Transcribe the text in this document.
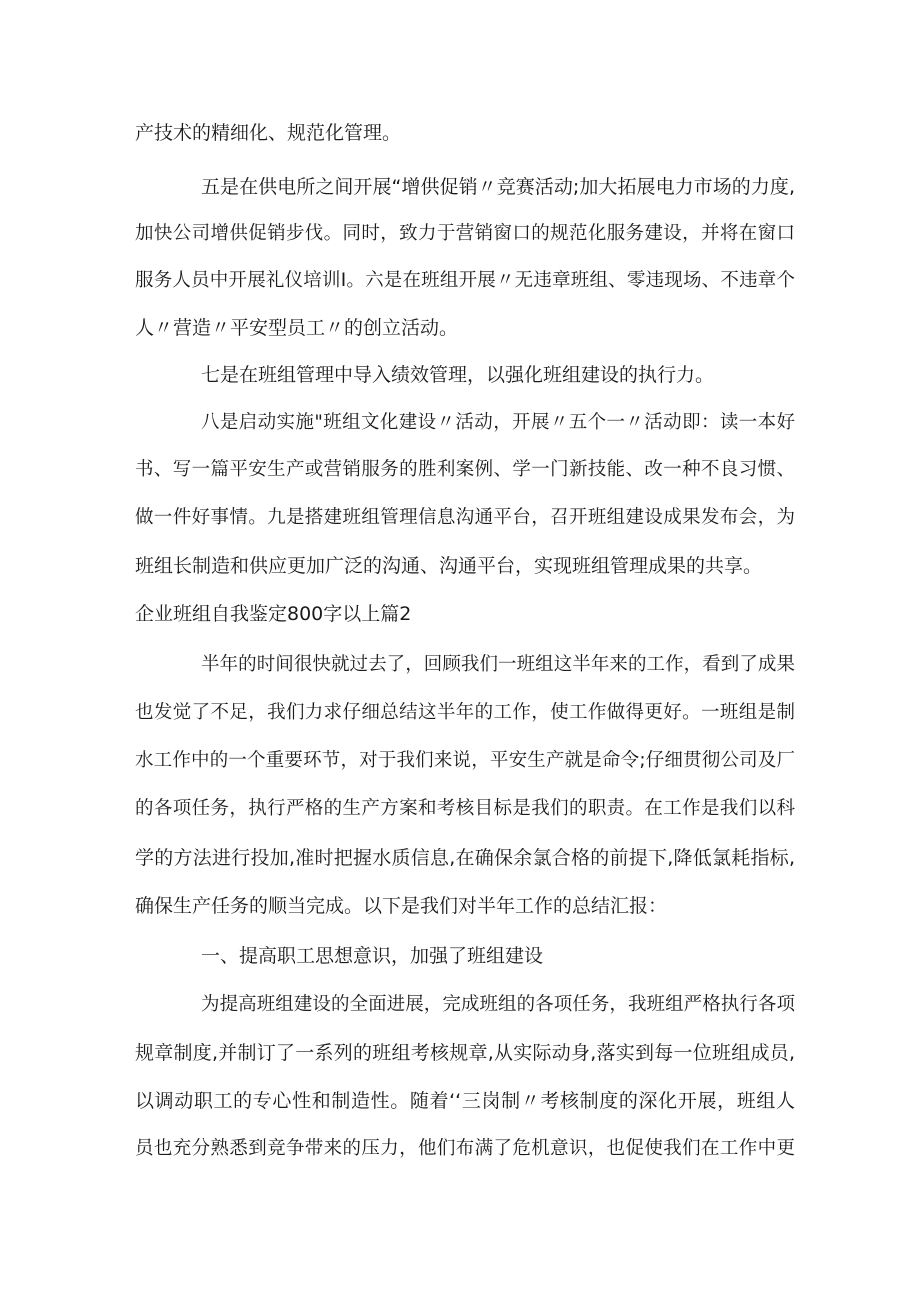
产技术的精细化、规范化管理。
五是在供电所之间开展“增供促销〃竞赛活动;加大拓展电力市场的力度,
加快公司增供促销步伐。同时，致力于营销窗口的规范化服务建设，并将在窗口
服务人员中开展礼仪培训I。六是在班组开展〃无违章班组、零违现场、不违章个
人〃营造〃平安型员工〃的创立活动。
七是在班组管理中导入绩效管理，以强化班组建设的执行力。
八是启动实施"班组文化建设〃活动，开展〃五个一〃活动即：读一本好
书、写一篇平安生产或营销服务的胜利案例、学一门新技能、改一种不良习惯、
做一件好事情。九是搭建班组管理信息沟通平台，召开班组建设成果发布会，为
班组长制造和供应更加广泛的沟通、沟通平台，实现班组管理成果的共享。
企业班组自我鉴定800字以上篇2
半年的时间很快就过去了，回顾我们一班组这半年来的工作，看到了成果
也发觉了不足，我们力求仔细总结这半年的工作，使工作做得更好。一班组是制
水工作中的一个重要环节，对于我们来说，平安生产就是命令;仔细贯彻公司及厂
的各项任务，执行严格的生产方案和考核目标是我们的职责。在工作是我们以科
学的方法进行投加,准时把握水质信息,在确保余氯合格的前提下,降低氯耗指标,
确保生产任务的顺当完成。以下是我们对半年工作的总结汇报：
一、提高职工思想意识，加强了班组建设
为提高班组建设的全面进展，完成班组的各项任务，我班组严格执行各项
规章制度,并制订了一系列的班组考核规章,从实际动身,落实到每一位班组成员,
以调动职工的专心性和制造性。随着‘‘三岗制〃考核制度的深化开展，班组人
员也充分熟悉到竞争带来的压力，他们布满了危机意识，也促使我们在工作中更
